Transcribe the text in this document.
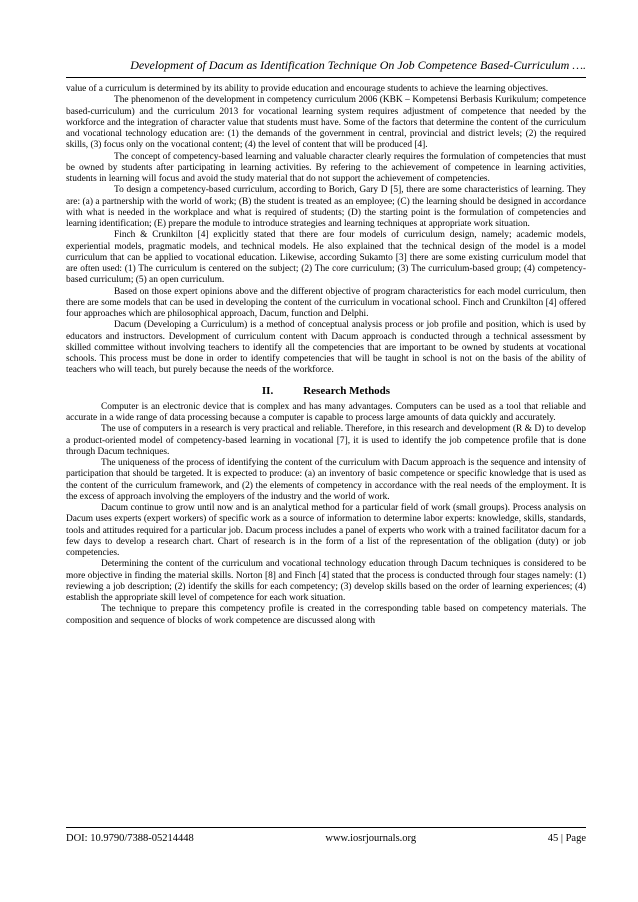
Development of Dacum as Identification Technique On Job Competence Based-Curriculum ….

value of a curriculum is determined by its ability to provide education and encourage students to achieve the learning objectives.

The phenomenon of the development in competency curriculum 2006 (KBK – Kompetensi Berbasis Kurikulum; competence based-curriculum) and the curriculum 2013 for vocational learning system requires adjustment of competence that needed by the workforce and the integration of character value that students must have. Some of the factors that determine the content of the curriculum and vocational technology education are: (1) the demands of the government in central, provincial and district levels; (2) the required skills, (3) focus only on the vocational content; (4) the level of content that will be produced [4].

The concept of competency-based learning and valuable character clearly requires the formulation of competencies that must be owned by students after participating in learning activities. By refering to the achievement of competence in learning activities, students in learning will focus and avoid the study material that do not support the achievement of competencies.

To design a competency-based curriculum, according to Borich, Gary D [5], there are some characteristics of learning. They are: (a) a partnership with the world of work; (B) the student is treated as an employee; (C) the learning should be designed in accordance with what is needed in the workplace and what is required of students; (D) the starting point is the formulation of competencies and learning identification; (E) prepare the module to introduce strategies and learning techniques at appropriate work situation.

Finch & Crunkilton [4] explicitly stated that there are four models of curriculum design, namely; academic models, experiential models, pragmatic models, and technical models. He also explained that the technical design of the model is a model curriculum that can be applied to vocational education. Likewise, according Sukamto [3] there are some existing curriculum model that are often used: (1) The curriculum is centered on the subject; (2) The core curriculum; (3) The curriculum-based group; (4) competency-based curriculum; (5) an open curriculum.

Based on those expert opinions above and the different objective of program characteristics for each model curriculum, then there are some models that can be used in developing the content of the curriculum in vocational school. Finch and Crunkilton [4] offered four approaches which are philosophical approach, Dacum, function and Delphi.

Dacum (Developing a Curriculum) is a method of conceptual analysis process or job profile and position, which is used by educators and instructors. Development of curriculum content with Dacum approach is conducted through a technical assessment by skilled committee without involving teachers to identify all the competencies that are important to be owned by students at vocational schools. This process must be done in order to identify competencies that will be taught in school is not on the basis of the ability of teachers who will teach, but purely because the needs of the workforce.

II.	Research Methods

Computer is an electronic device that is complex and has many advantages. Computers can be used as a tool that reliable and accurate in a wide range of data processing because a computer is capable to process large amounts of data quickly and accurately.

The use of computers in a research is very practical and reliable. Therefore, in this research and development (R & D) to develop a product-oriented model of competency-based learning in vocational [7], it is used to identify the job competence profile that is done through Dacum techniques.

The uniqueness of the process of identifying the content of the curriculum with Dacum approach is the sequence and intensity of participation that should be targeted. It is expected to produce: (a) an inventory of basic competence or specific knowledge that is used as the content of the curriculum framework, and (2) the elements of competency in accordance with the real needs of the employment. It is the excess of approach involving the employers of the industry and the world of work.

Dacum continue to grow until now and is an analytical method for a particular field of work (small groups). Process analysis on Dacum uses experts (expert workers) of specific work as a source of information to determine labor experts: knowledge, skills, standards, tools and attitudes required for a particular job. Dacum process includes a panel of experts who work with a trained facilitator dacum for a few days to develop a research chart. Chart of research is in the form of a list of the representation of the obligation (duty) or job competencies.

Determining the content of the curriculum and vocational technology education through Dacum techniques is considered to be more objective in finding the material skills. Norton [8] and Finch [4] stated that the process is conducted through four stages namely: (1) reviewing a job description; (2) identify the skills for each competency; (3) develop skills based on the order of learning experiences; (4) establish the appropriate skill level of competence for each work situation.

The technique to prepare this competency profile is created in the corresponding table based on competency materials. The composition and sequence of blocks of work competence are discussed along with

DOI: 10.9790/7388-05214448	www.iosrjournals.org	45 | Page
